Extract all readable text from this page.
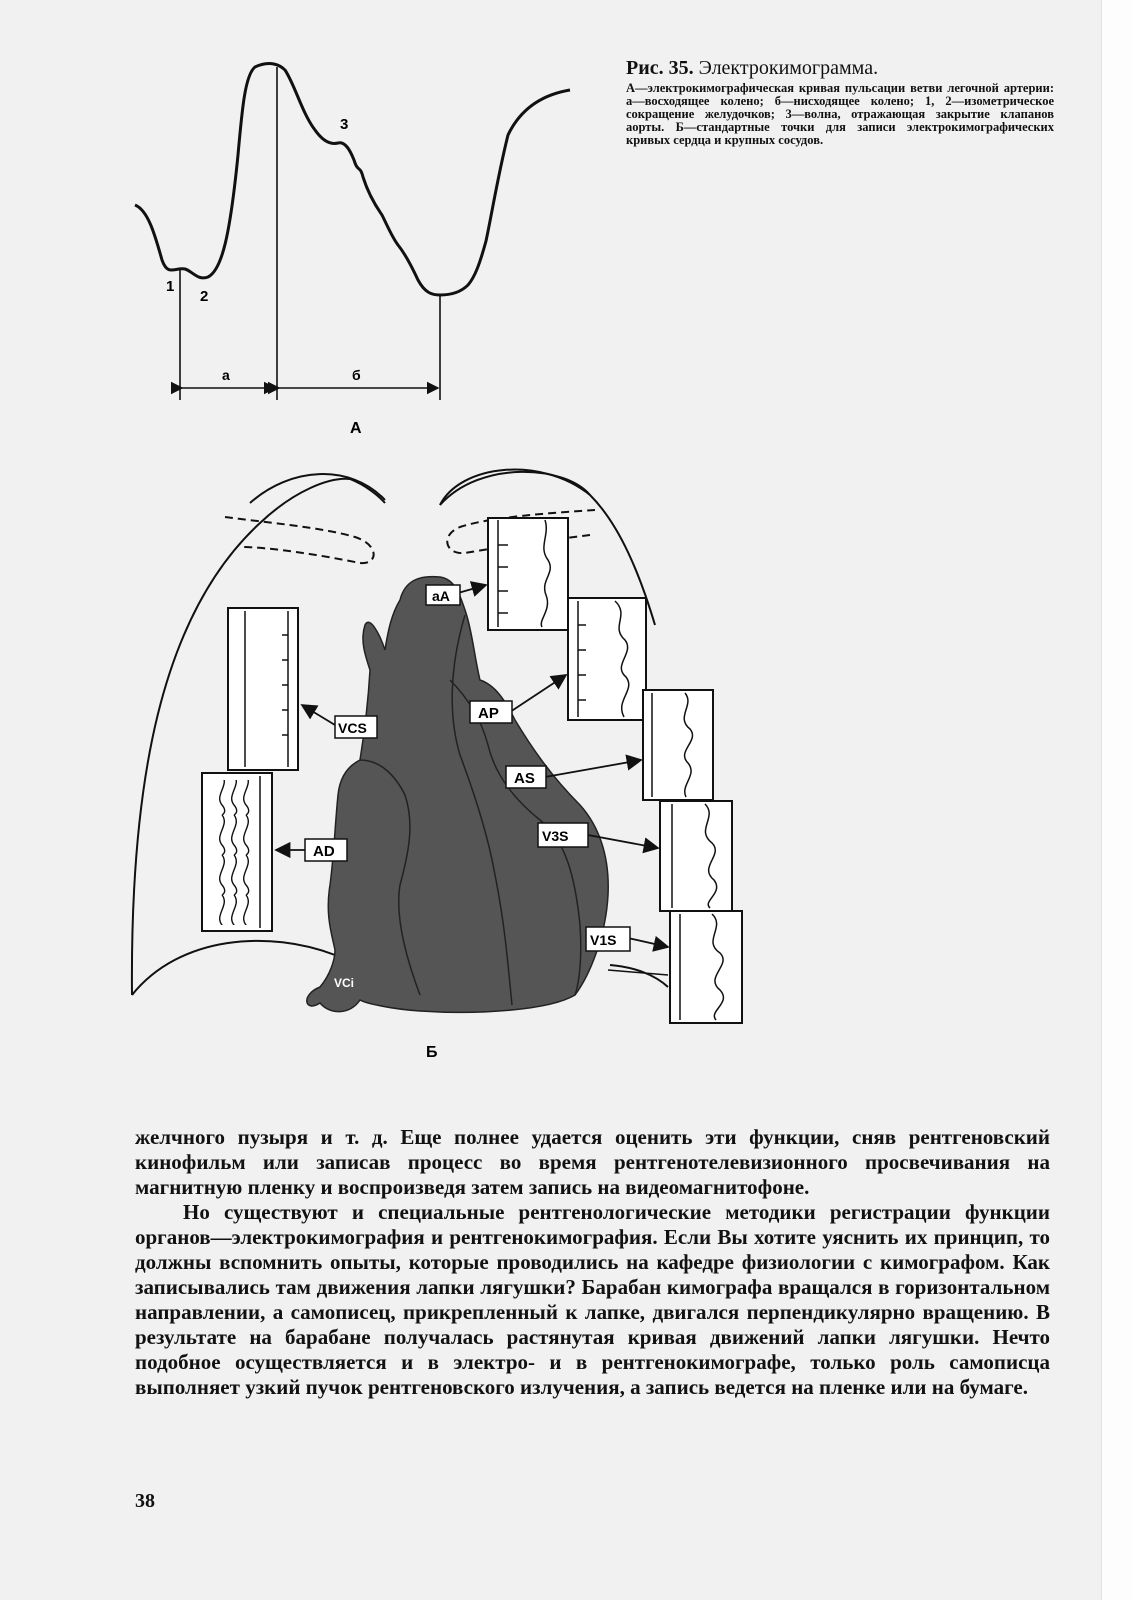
1
2
3
а	б
А

Рис. 35. Электрокимограмма.

А—электрокимографическая кривая пульсации ветви легочной артерии: а—восходящее колено; б—нисходящее колено; 1, 2—изометрическое сокращение желудочков; 3—волна, отражающая закрытие клапанов аорты. Б—стандартные точки для записи электрокимографических кривых сердца и крупных сосудов.

aA
AP
VCS
AS
V3S
AD
V1S
VCi
Б

желчного пузыря и т. д. Еще полнее удается оценить эти функции, сняв рентгеновский кинофильм или записав процесс во время рентгенотелевизионного просвечивания на магнитную пленку и воспроизведя затем запись на видеомагнитофоне.

Но существуют и специальные рентгенологические методики регистрации функции органов—электрокимография и рентгенокимография. Если Вы хотите уяснить их принцип, то должны вспомнить опыты, которые проводились на кафедре физиологии с кимографом. Как записывались там движения лапки лягушки? Барабан кимографа вращался в горизонтальном направлении, а самописец, прикрепленный к лапке, двигался перпендикулярно вращению. В результате на барабане получалась растянутая кривая движений лапки лягушки. Нечто подобное осуществляется и в электро- и в рентгенокимографе, только роль самописца выполняет узкий пучок рентгеновского излучения, а запись ведется на пленке или на бумаге.

38
